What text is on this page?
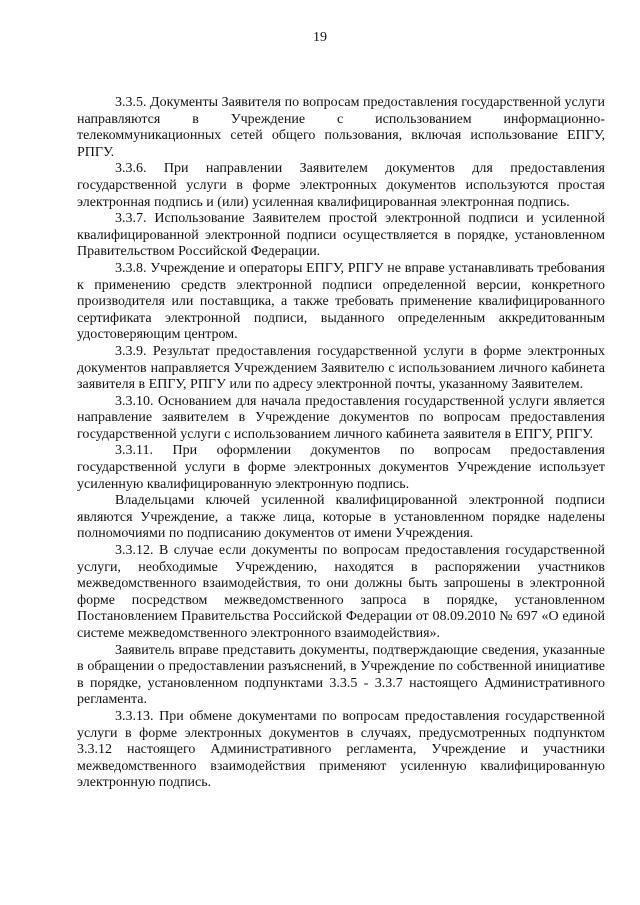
19

3.3.5. Документы Заявителя по вопросам предоставления государственной услуги направляются в Учреждение с использованием информационно-телекоммуникационных сетей общего пользования, включая использование ЕПГУ, РПГУ.

3.3.6. При направлении Заявителем документов для предоставления государственной услуги в форме электронных документов используются простая электронная подпись и (или) усиленная квалифицированная электронная подпись.

3.3.7. Использование Заявителем простой электронной подписи и усиленной квалифицированной электронной подписи осуществляется в порядке, установленном Правительством Российской Федерации.

3.3.8. Учреждение и операторы ЕПГУ, РПГУ не вправе устанавливать требования к применению средств электронной подписи определенной версии, конкретного производителя или поставщика, а также требовать применение квалифицированного сертификата электронной подписи, выданного определенным аккредитованным удостоверяющим центром.

3.3.9. Результат предоставления государственной услуги в форме электронных документов направляется Учреждением Заявителю с использованием личного кабинета заявителя в ЕПГУ, РПГУ или по адресу электронной почты, указанному Заявителем.

3.3.10. Основанием для начала предоставления государственной услуги является направление заявителем в Учреждение документов по вопросам предоставления государственной услуги с использованием личного кабинета заявителя в ЕПГУ, РПГУ.

3.3.11. При оформлении документов по вопросам предоставления государственной услуги в форме электронных документов Учреждение использует усиленную квалифицированную электронную подпись.

Владельцами ключей усиленной квалифицированной электронной подписи являются Учреждение, а также лица, которые в установленном порядке наделены полномочиями по подписанию документов от имени Учреждения.

3.3.12. В случае если документы по вопросам предоставления государственной услуги, необходимые Учреждению, находятся в распоряжении участников межведомственного взаимодействия, то они должны быть запрошены в электронной форме посредством межведомственного запроса в порядке, установленном Постановлением Правительства Российской Федерации от 08.09.2010 № 697 «О единой системе межведомственного электронного взаимодействия».

Заявитель вправе представить документы, подтверждающие сведения, указанные в обращении о предоставлении разъяснений, в Учреждение по собственной инициативе в порядке, установленном подпунктами 3.3.5 - 3.3.7 настоящего Административного регламента.

3.3.13. При обмене документами по вопросам предоставления государственной услуги в форме электронных документов в случаях, предусмотренных подпунктом 3.3.12 настоящего Административного регламента, Учреждение и участники межведомственного взаимодействия применяют усиленную квалифицированную электронную подпись.
